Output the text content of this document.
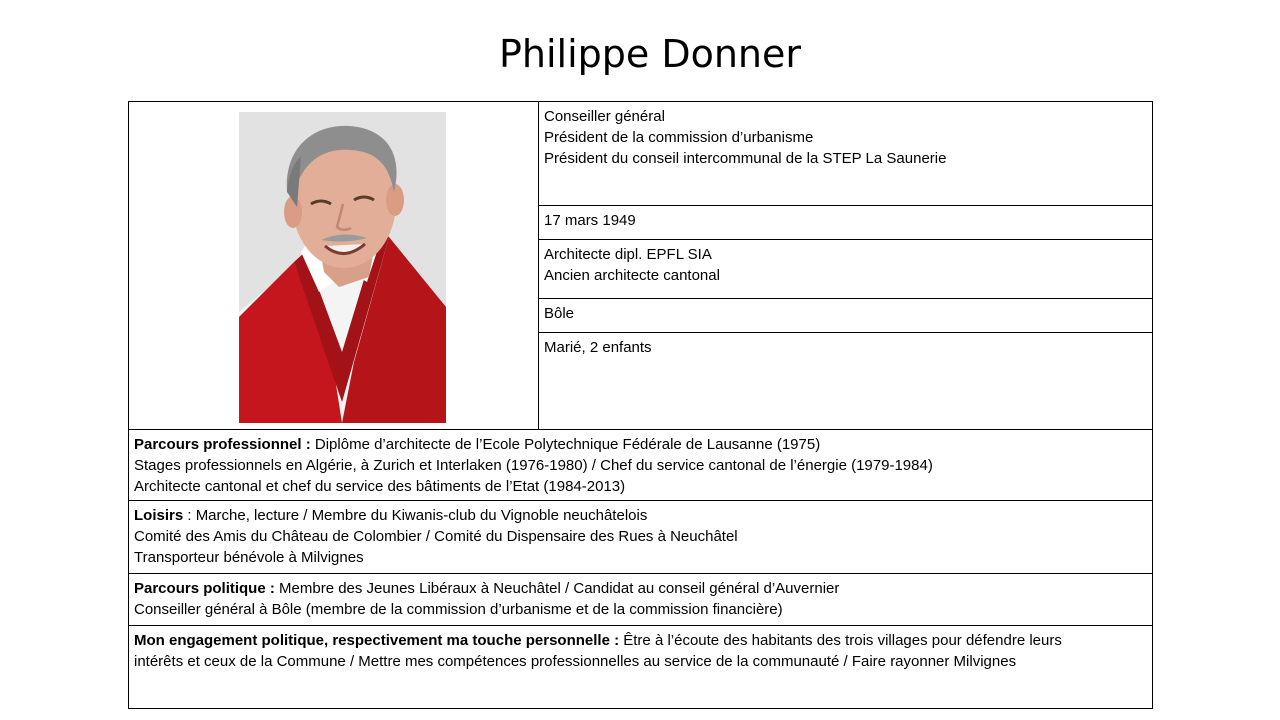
Philippe Donner

Conseiller général
Président de la commission d’urbanisme
Président du conseil intercommunal de la STEP La Saunerie

17 mars 1949

Architecte dipl. EPFL SIA
Ancien architecte cantonal

Bôle

Marié, 2 enfants

Parcours professionnel : Diplôme d’architecte de l’Ecole Polytechnique Fédérale de Lausanne (1975)
Stages professionnels en Algérie, à Zurich et Interlaken (1976-1980) / Chef du service cantonal de l’énergie (1979-1984)
Architecte cantonal et chef du service des bâtiments de l’Etat (1984-2013)

Loisirs : Marche, lecture / Membre du Kiwanis-club du Vignoble neuchâtelois
Comité des Amis du Château de Colombier / Comité du Dispensaire des Rues à Neuchâtel
Transporteur bénévole à Milvignes

Parcours politique : Membre des Jeunes Libéraux à Neuchâtel / Candidat au conseil général d’Auvernier
Conseiller général à Bôle (membre de la commission d’urbanisme et de la commission financière)

Mon engagement politique, respectivement ma touche personnelle : Être à l’écoute des habitants des trois villages pour défendre leurs
intérêts et ceux de la Commune / Mettre mes compétences professionnelles au service de la communauté / Faire rayonner Milvignes
